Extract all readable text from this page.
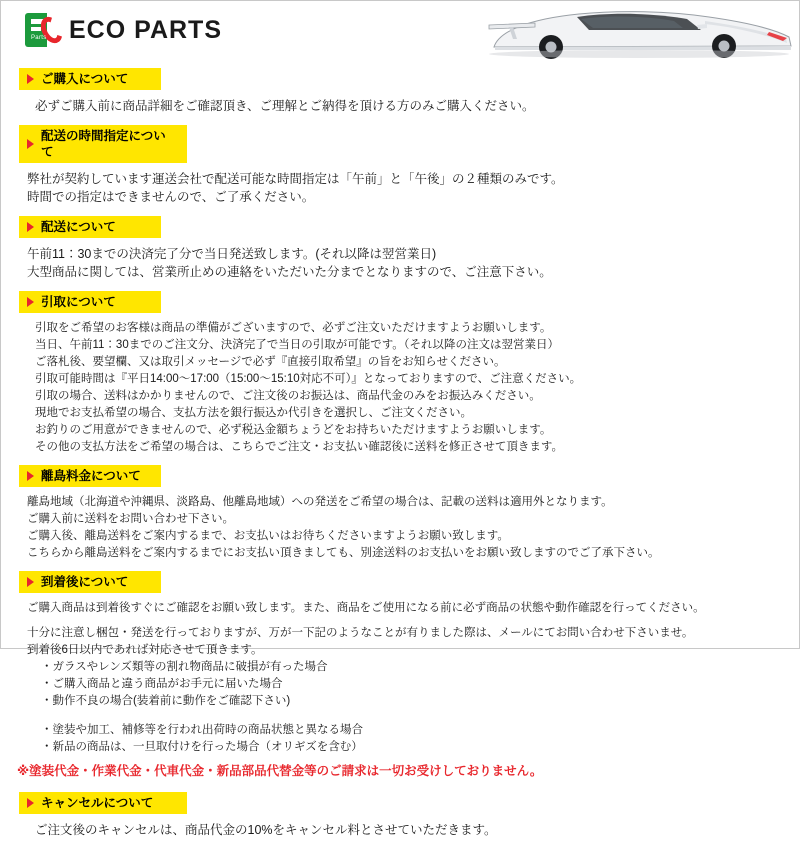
Parts ECO PARTS
ご購入について

必ずご購入前に商品詳細をご確認頂き、ご理解とご納得を頂ける方のみご購入ください。

配送の時間指定について

弊社が契約しています運送会社で配送可能な時間指定は「午前」と「午後」の２種類のみです。

時間での指定はできませんので、ご了承ください。

配送について

午前11：30までの決済完了分で当日発送致します。(それ以降は翌営業日)

大型商品に関しては、営業所止めの連絡をいただいた分までとなりますので、ご注意下さい。

引取について

引取をご希望のお客様は商品の準備がございますので、必ずご注文いただけますようお願いします。

当日、午前11：30までのご注文分、決済完了で当日の引取が可能です。（それ以降の注文は翌営業日）

ご落札後、要望欄、又は取引メッセージで必ず『直接引取希望』の旨をお知らせください。

引取可能時間は『平日14:00〜17:00（15:00〜15:10対応不可）』となっておりますので、ご注意ください。

引取の場合、送料はかかりませんので、ご注文後のお振込は、商品代金のみをお振込みください。

現地でお支払希望の場合、支払方法を銀行振込か代引きを選択し、ご注文ください。

お釣りのご用意ができませんので、必ず税込金額ちょうどをお持ちいただけますようお願いします。

その他の支払方法をご希望の場合は、こちらでご注文・お支払い確認後に送料を修正させて頂きます。

離島料金について

離島地域（北海道や沖縄県、淡路島、他離島地域）への発送をご希望の場合は、記載の送料は適用外となります。

ご購入前に送料をお問い合わせ下さい。

ご購入後、離島送料をご案内するまで、お支払いはお待ちくださいますようお願い致します。

こちらから離島送料をご案内するまでにお支払い頂きましても、別途送料のお支払いをお願い致しますのでご了承下さい。

到着後について

ご購入商品は到着後すぐにご確認をお願い致します。また、商品をご使用になる前に必ず商品の状態や動作確認を行ってください。

十分に注意し梱包・発送を行っておりますが、万が一下記のようなことが有りました際は、メールにてお問い合わせ下さいませ。

到着後6日以内であれば対応させて頂きます。

・ガラスやレンズ類等の割れ物商品に破損が有った場合

・ご購入商品と違う商品がお手元に届いた場合

・動作不良の場合(装着前に動作をご確認下さい)

・塗装や加工、補修等を行われ出荷時の商品状態と異なる場合

・新品の商品は、一旦取付けを行った場合（オリギズを含む）

※塗装代金・作業代金・代車代金・新品部品代替金等のご請求は一切お受けしておりません。
キャンセルについて

ご注文後のキャンセルは、商品代金の10%をキャンセル料とさせていただきます。
